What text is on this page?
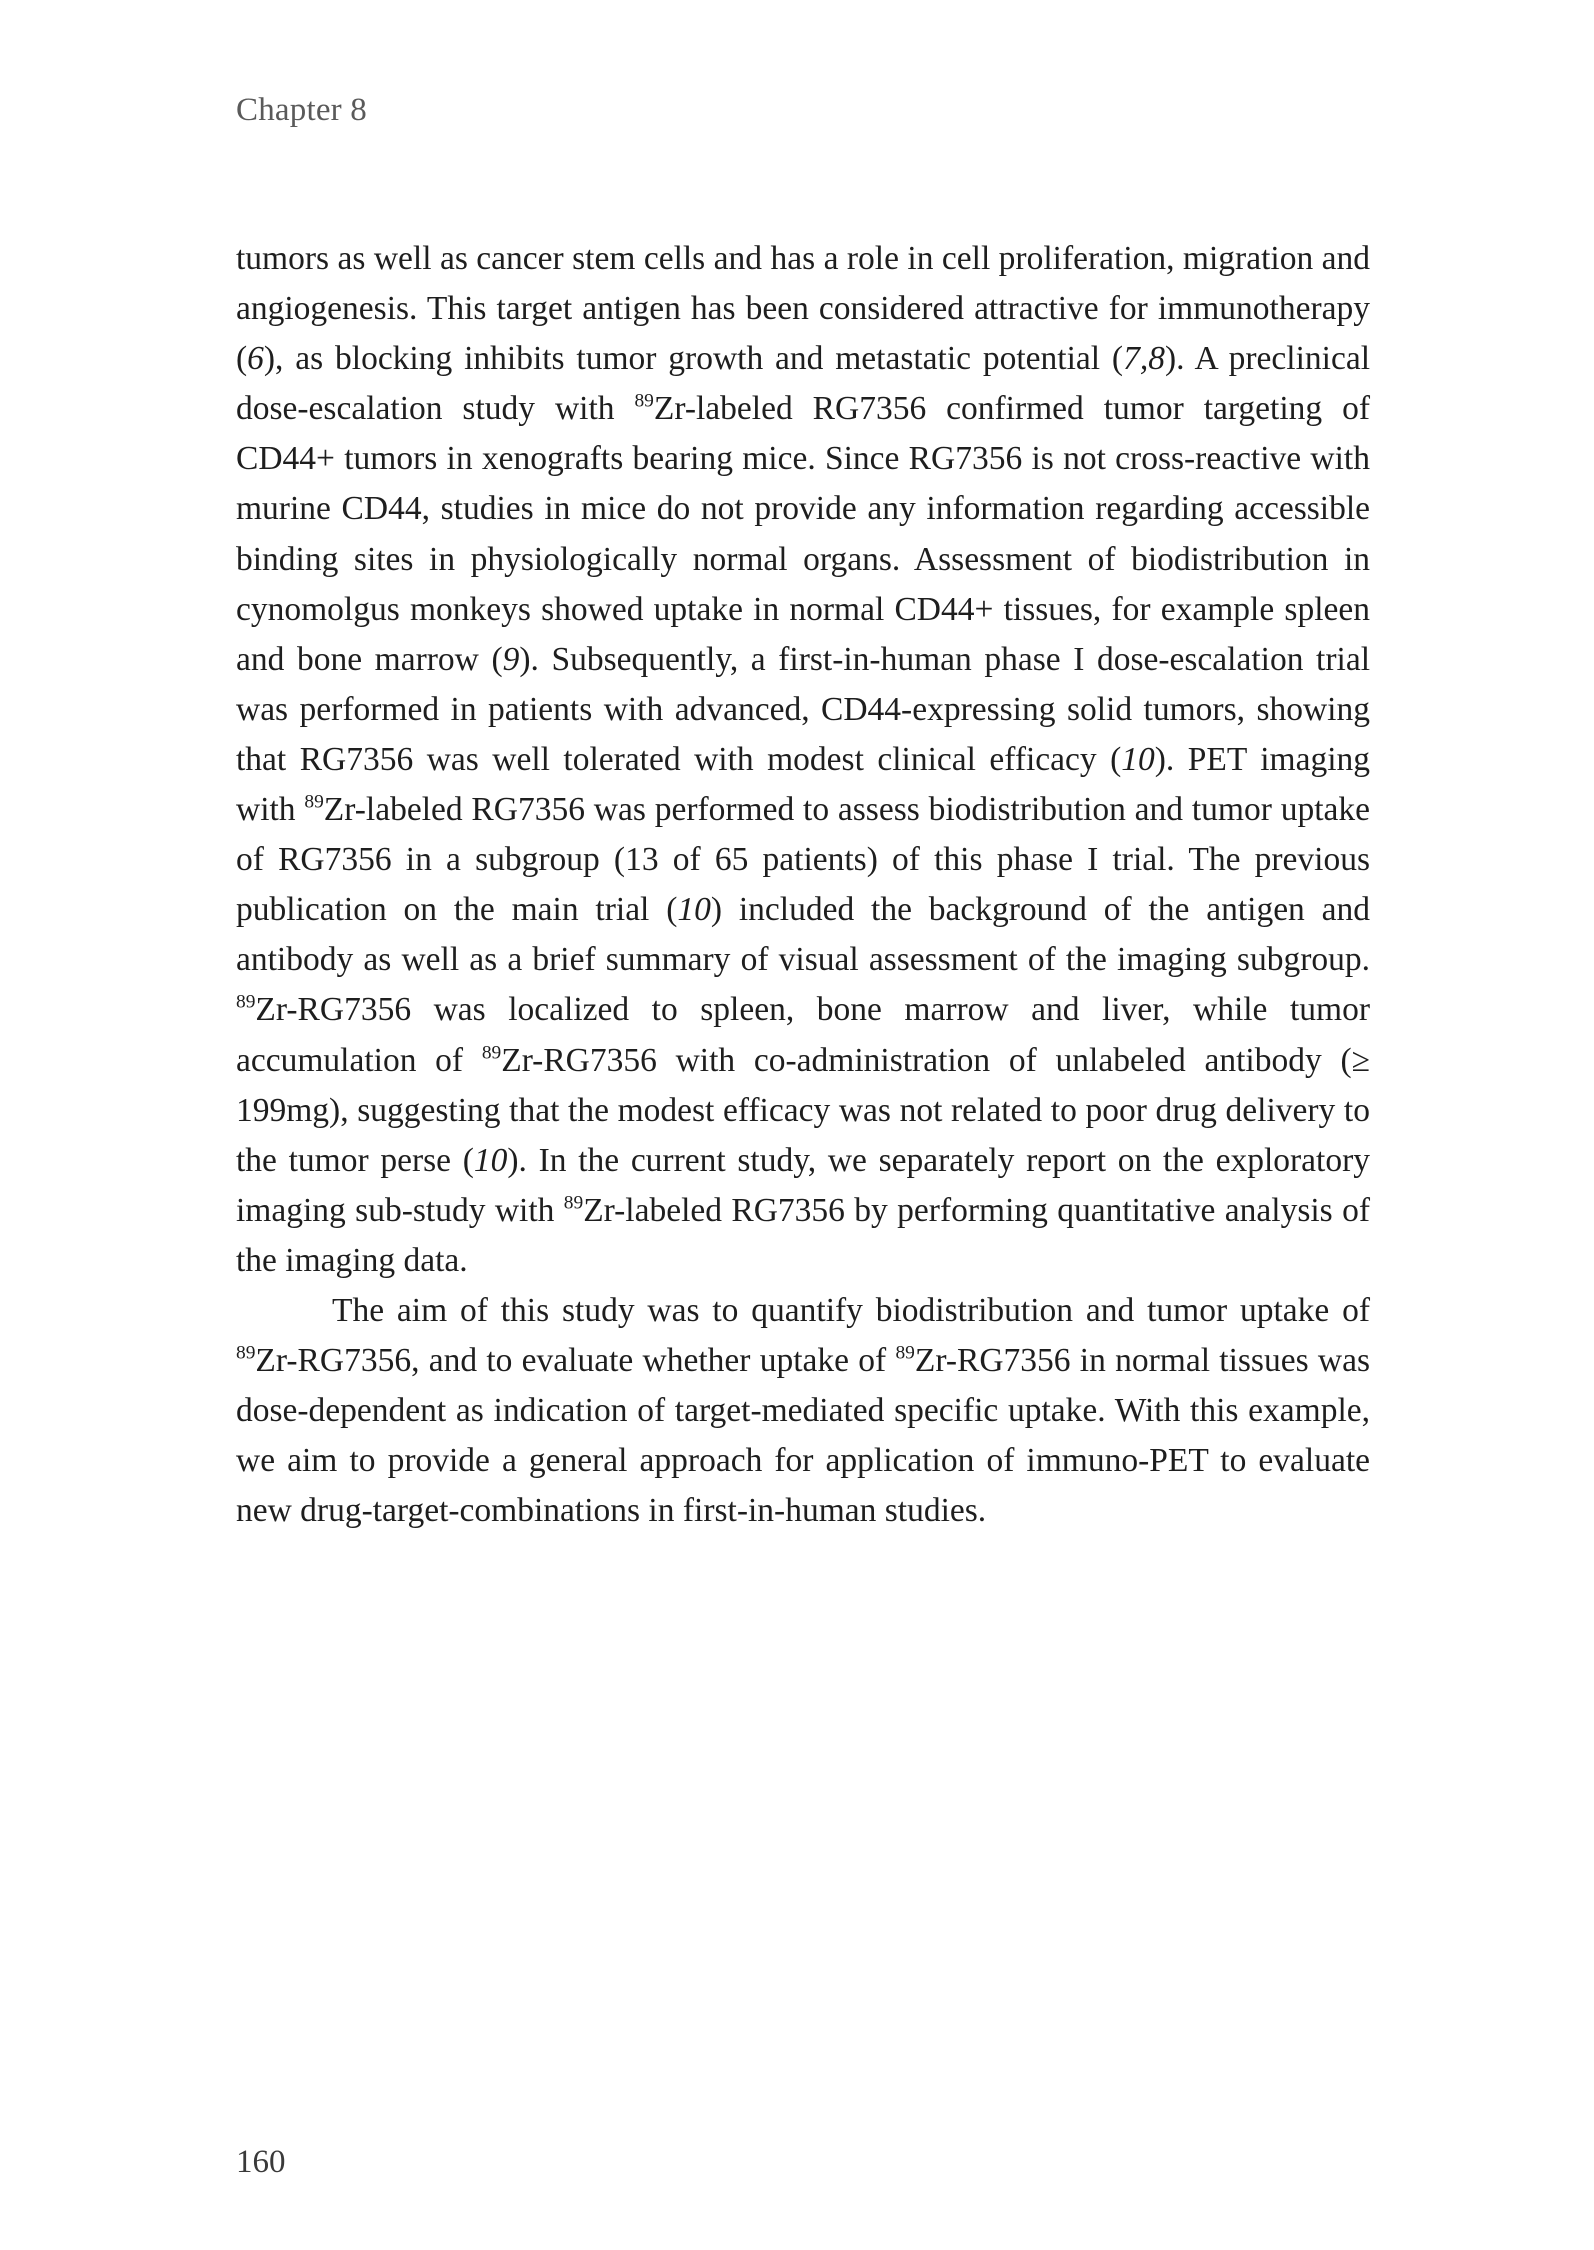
Chapter 8

tumors as well as cancer stem cells and has a role in cell proliferation, migration and angiogenesis. This target antigen has been considered attractive for immunotherapy (6), as blocking inhibits tumor growth and metastatic potential (7,8). A preclinical dose-escalation study with $^{89}$Zr-labeled RG7356 confirmed tumor targeting of CD44+ tumors in xenografts bearing mice. Since RG7356 is not cross-reactive with murine CD44, studies in mice do not provide any information regarding accessible binding sites in physiologically normal organs. Assessment of biodistribution in cynomolgus monkeys showed uptake in normal CD44+ tissues, for example spleen and bone marrow (9). Subsequently, a first-in-human phase I dose-escalation trial was performed in patients with advanced, CD44-expressing solid tumors, showing that RG7356 was well tolerated with modest clinical efficacy (10). PET imaging with $^{89}$Zr-labeled RG7356 was performed to assess biodistribution and tumor uptake of RG7356 in a subgroup (13 of 65 patients) of this phase I trial. The previous publication on the main trial (10) included the background of the antigen and antibody as well as a brief summary of visual assessment of the imaging subgroup. $^{89}$Zr-RG7356 was localized to spleen, bone marrow and liver, while tumor accumulation of $^{89}$Zr-RG7356 with co-administration of unlabeled antibody (≥ 199mg), suggesting that the modest efficacy was not related to poor drug delivery to the tumor perse (10). In the current study, we separately report on the exploratory imaging sub-study with $^{89}$Zr-labeled RG7356 by performing quantitative analysis of the imaging data.

The aim of this study was to quantify biodistribution and tumor uptake of $^{89}$Zr-RG7356, and to evaluate whether uptake of $^{89}$Zr-RG7356 in normal tissues was dose-dependent as indication of target-mediated specific uptake. With this example, we aim to provide a general approach for application of immuno-PET to evaluate new drug-target-combinations in first-in-human studies.

160
